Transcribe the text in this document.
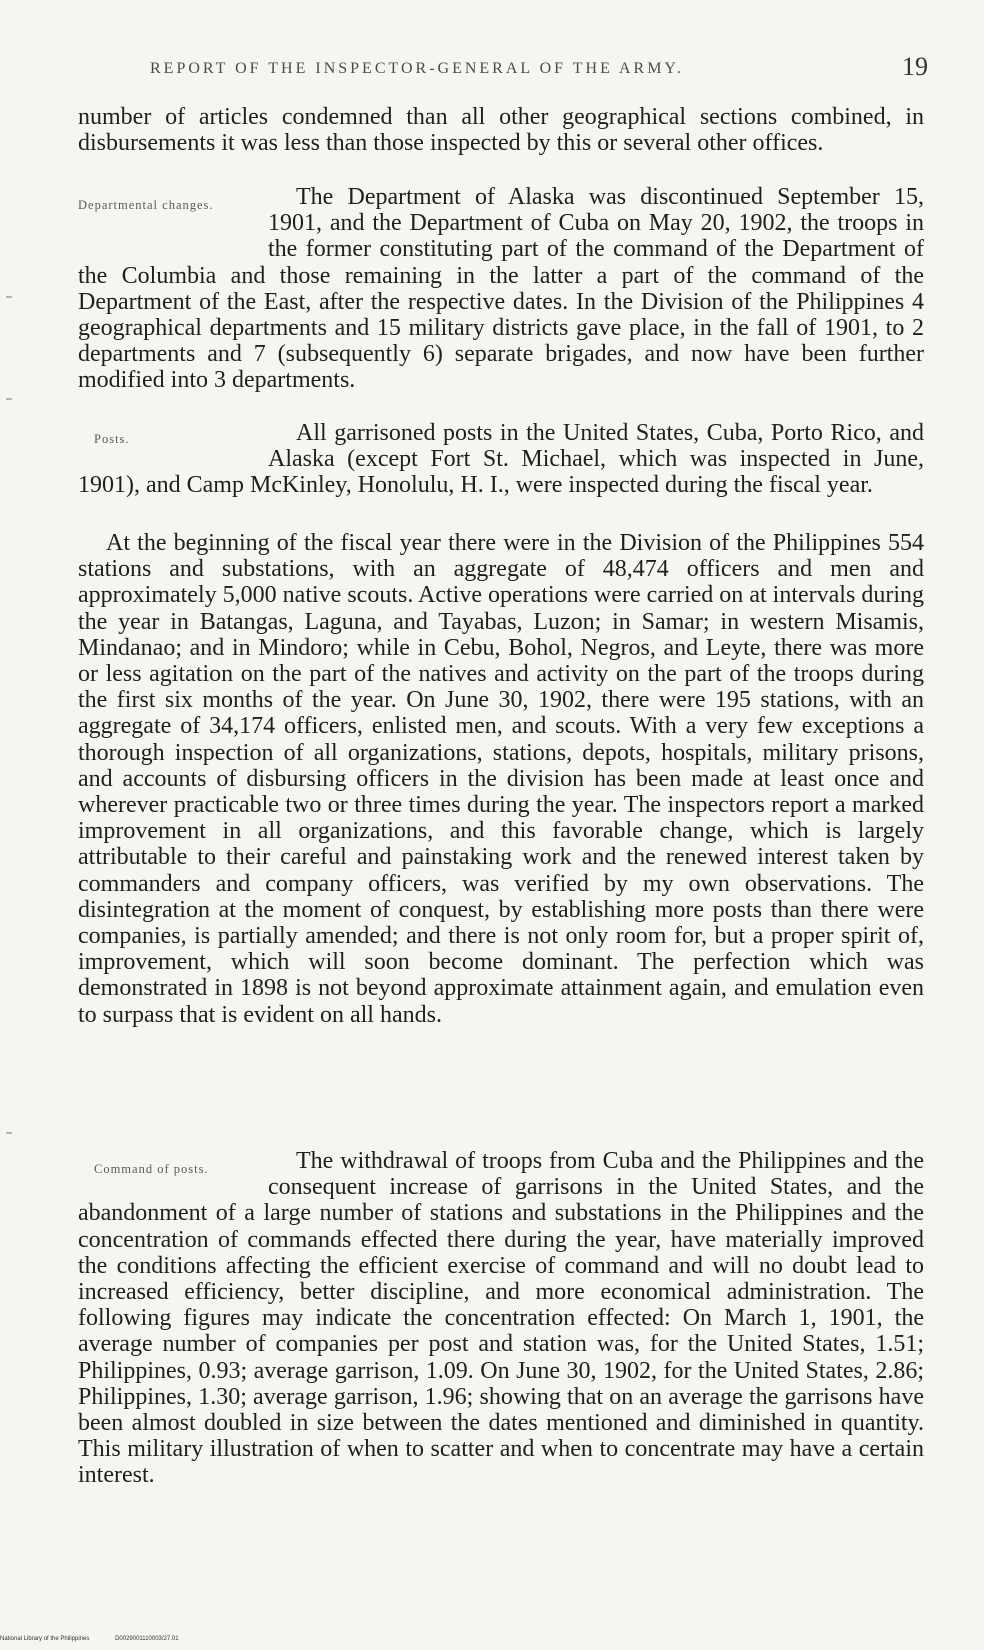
REPORT OF THE INSPECTOR-GENERAL OF THE ARMY.	19

number of articles condemned than all other geographical sections combined, in disbursements it was less than those inspected by this or several other offices.

Departmental changes.	The Department of Alaska was discontinued September 15, 1901, and the Department of Cuba on May 20, 1902, the troops in the former constituting part of the command of the Department of the Columbia and those remaining in the latter a part of the command of the Department of the East, after the respective dates. In the Division of the Philippines 4 geographical departments and 15 military districts gave place, in the fall of 1901, to 2 departments and 7 (subsequently 6) separate brigades, and now have been further modified into 3 departments.

Posts.	All garrisoned posts in the United States, Cuba, Porto Rico, and Alaska (except Fort St. Michael, which was inspected in June, 1901), and Camp McKinley, Honolulu, H. I., were inspected during the fiscal year.

At the beginning of the fiscal year there were in the Division of the Philippines 554 stations and substations, with an aggregate of 48,474 officers and men and approximately 5,000 native scouts. Active operations were carried on at intervals during the year in Batangas, Laguna, and Tayabas, Luzon; in Samar; in western Misamis, Mindanao; and in Mindoro; while in Cebu, Bohol, Negros, and Leyte, there was more or less agitation on the part of the natives and activity on the part of the troops during the first six months of the year. On June 30, 1902, there were 195 stations, with an aggregate of 34,174 officers, enlisted men, and scouts. With a very few exceptions a thorough inspection of all organizations, stations, depots, hospitals, military prisons, and accounts of disbursing officers in the division has been made at least once and wherever practicable two or three times during the year. The inspectors report a marked improvement in all organizations, and this favorable change, which is largely attributable to their careful and painstaking work and the renewed interest taken by commanders and company officers, was verified by my own observations. The disintegration at the moment of conquest, by establishing more posts than there were companies, is partially amended; and there is not only room for, but a proper spirit of, improvement, which will soon become dominant. The perfection which was demonstrated in 1898 is not beyond approximate attainment again, and emulation even to surpass that is evident on all hands.

Command of posts.	The withdrawal of troops from Cuba and the Philippines and the consequent increase of garrisons in the United States, and the abandonment of a large number of stations and substations in the Philippines and the concentration of commands effected there during the year, have materially improved the conditions affecting the efficient exercise of command and will no doubt lead to increased efficiency, better discipline, and more economical administration. The following figures may indicate the concentration effected: On March 1, 1901, the average number of companies per post and station was, for the United States, 1.51; Philippines, 0.93; average garrison, 1.09. On June 30, 1902, for the United States, 2.86; Philippines, 1.30; average garrison, 1.96; showing that on an average the garrisons have been almost doubled in size between the dates mentioned and diminished in quantity. This military illustration of when to scatter and when to concentrate may have a certain interest.

National Library of the Philippines	D0029001110003/27.01
